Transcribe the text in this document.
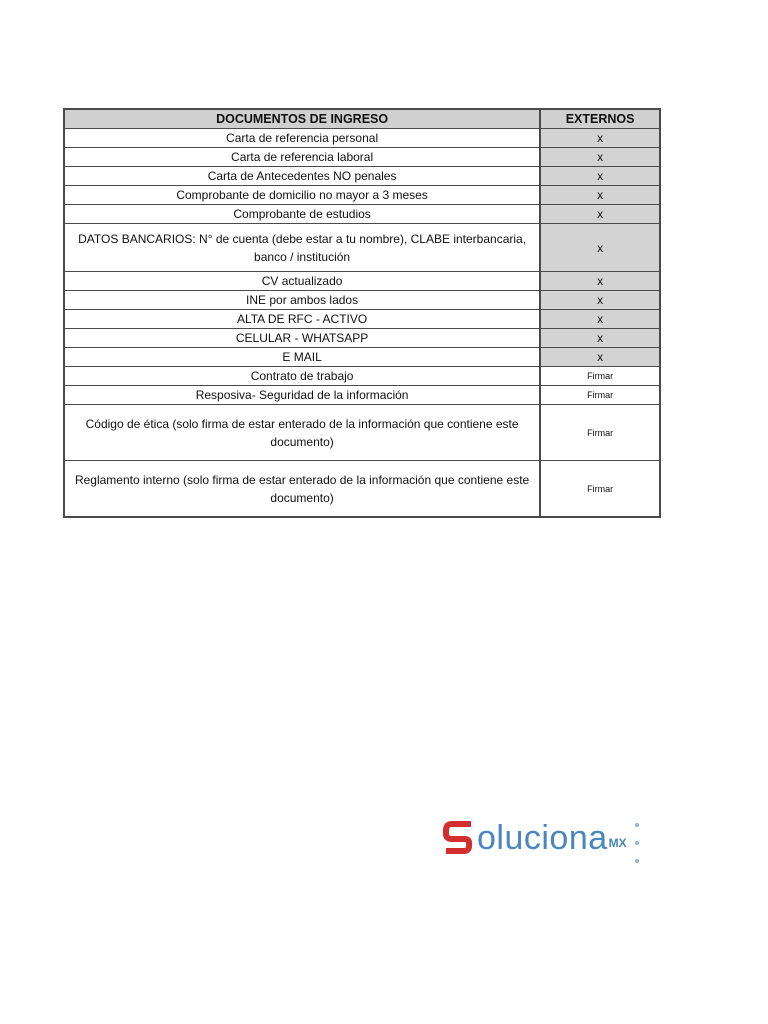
DOCUMENTOS DE INGRESO	EXTERNOS
Carta de referencia personal	x
Carta de referencia laboral	x
Carta de Antecedentes NO penales	x
Comprobante de domicilio no mayor a 3 meses	x
Comprobante de estudios	x
DATOS BANCARIOS: N° de cuenta (debe estar a tu nombre), CLABE interbancaria, banco / institución	x
CV actualizado	x
INE por ambos lados	x
ALTA DE RFC - ACTIVO	x
CELULAR - WHATSAPP	x
E MAIL	x
Contrato de trabajo	Firmar
Resposiva- Seguridad de la información	Firmar
Código de ética (solo firma de estar enterado de la información que contiene este documento)	Firmar
Reglamento interno (solo firma de estar enterado de la información que contiene este documento)	Firmar
oluciona MX
